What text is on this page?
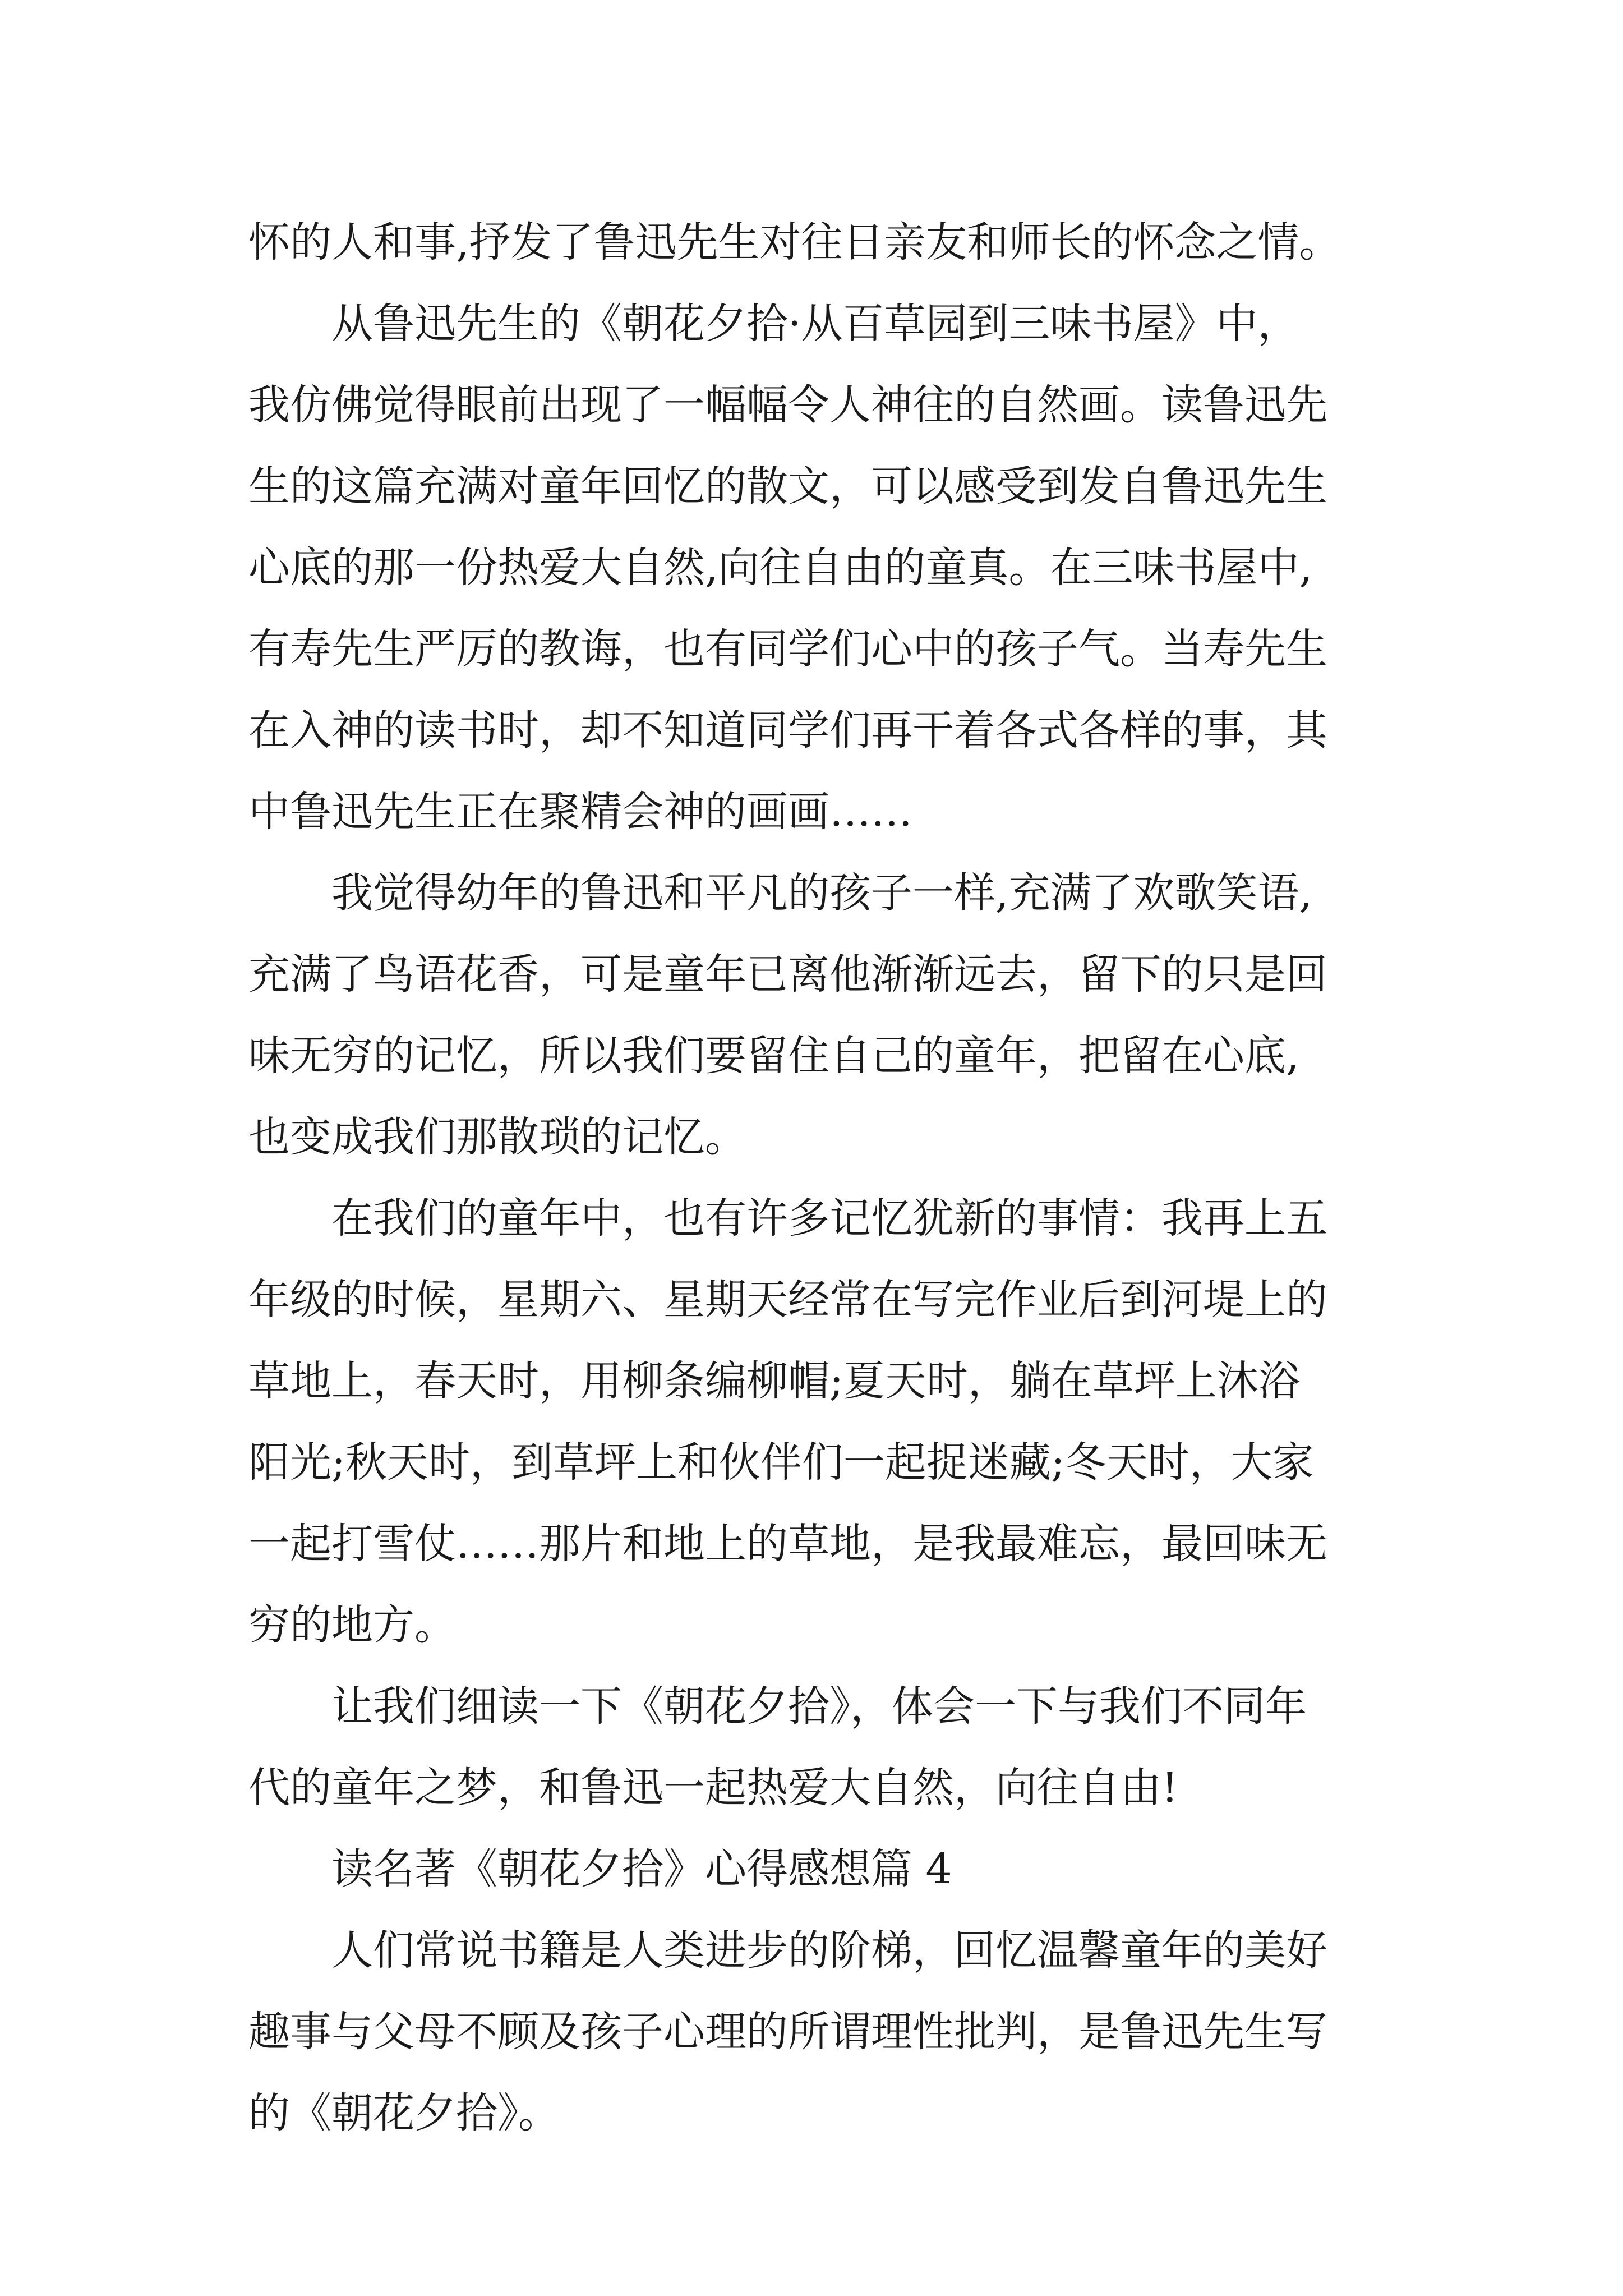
怀的人和事,抒发了鲁迅先生对往日亲友和师长的怀念之情。

从鲁迅先生的《朝花夕拾·从百草园到三味书屋》中，
我仿佛觉得眼前出现了一幅幅令人神往的自然画。读鲁迅先
生的这篇充满对童年回忆的散文，可以感受到发自鲁迅先生
心底的那一份热爱大自然,向往自由的童真。在三味书屋中,
有寿先生严厉的教诲，也有同学们心中的孩子气。当寿先生
在入神的读书时，却不知道同学们再干着各式各样的事，其
中鲁迅先生正在聚精会神的画画……

我觉得幼年的鲁迅和平凡的孩子一样,充满了欢歌笑语,
充满了鸟语花香，可是童年已离他渐渐远去，留下的只是回
味无穷的记忆，所以我们要留住自己的童年，把留在心底,
也变成我们那散琐的记忆。

在我们的童年中，也有许多记忆犹新的事情：我再上五
年级的时候，星期六、星期天经常在写完作业后到河堤上的
草地上，春天时，用柳条编柳帽;夏天时，躺在草坪上沐浴
阳光;秋天时，到草坪上和伙伴们一起捉迷藏;冬天时，大家
一起打雪仗……那片和地上的草地，是我最难忘，最回味无
穷的地方。

让我们细读一下《朝花夕拾》，体会一下与我们不同年
代的童年之梦，和鲁迅一起热爱大自然，向往自由!

读名著《朝花夕拾》心得感想篇 4

人们常说书籍是人类进步的阶梯，回忆温馨童年的美好
趣事与父母不顾及孩子心理的所谓理性批判，是鲁迅先生写
的《朝花夕拾》。
